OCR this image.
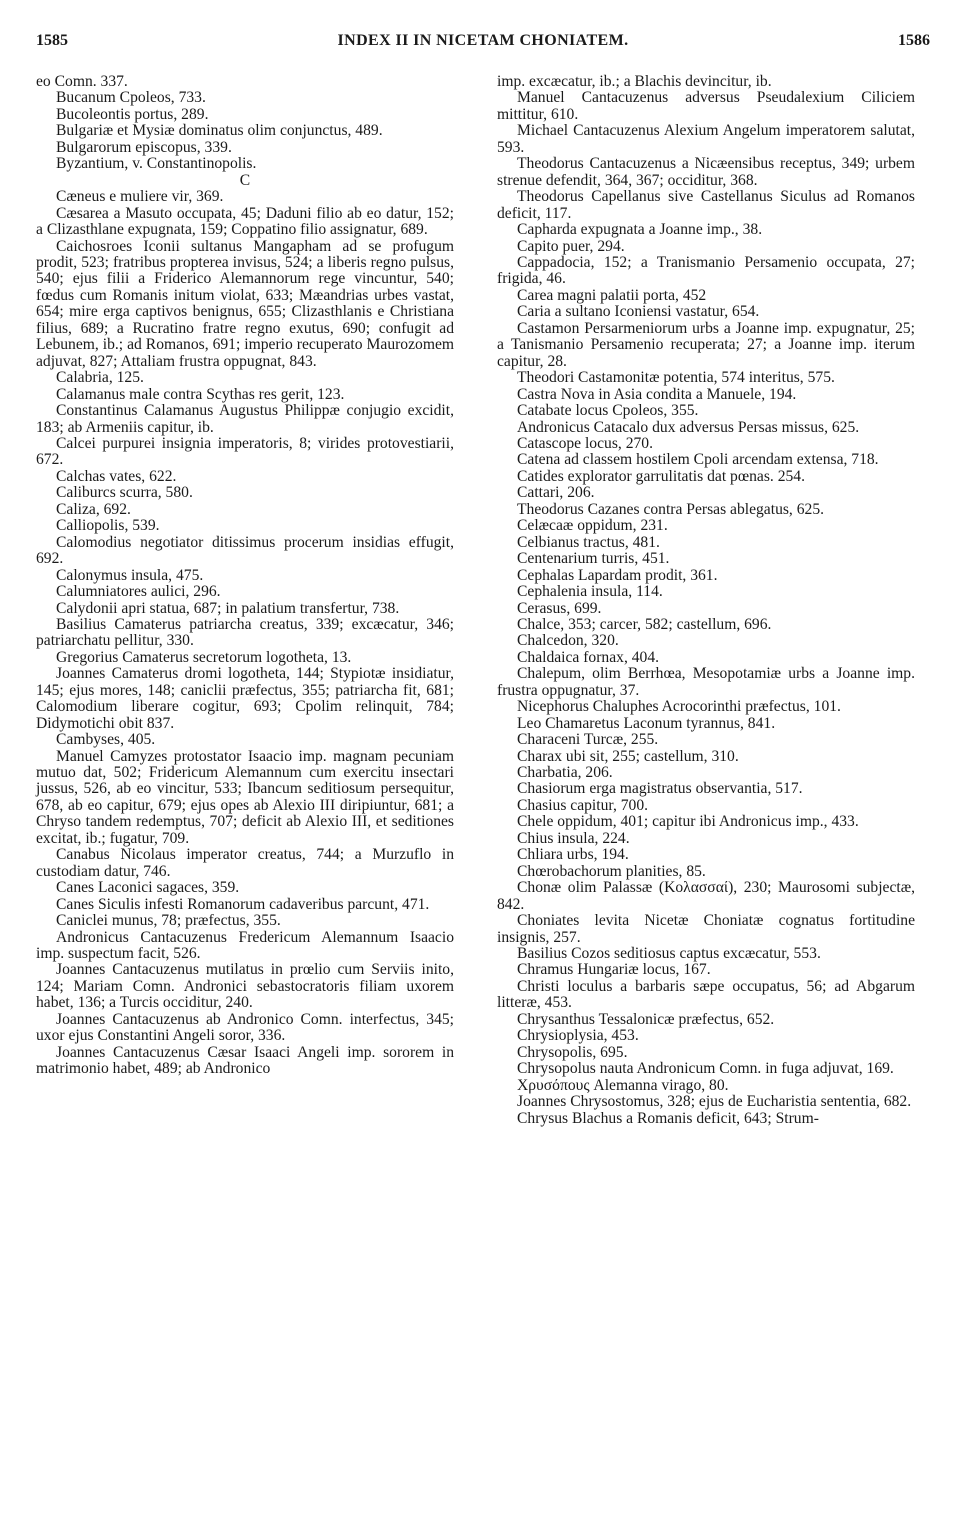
1585	INDEX II IN NICETAM CHONIATEM.	1586

eo Comn. 337.

Bucanum Cpoleos, 733.

Bucoleontis portus, 289.

Bulgariæ et Mysiæ dominatus olim conjunctus, 489.

Bulgarorum episcopus, 339.

Byzantium, v. Constantinopolis.

C

Cæneus e muliere vir, 369.

Cæsarea a Masuto occupata, 45; Daduni filio ab eo datur, 152; a Clizasthlane expugnata, 159; Coppatino filio assignatur, 689.

Caichosroes Iconii sultanus Mangapham ad se profugum prodit, 523; fratribus propterea invisus, 524; a liberis regno pulsus, 540; ejus filii a Friderico Alemannorum rege vincuntur, 540; fœdus cum Romanis initum violat, 633; Mæandrias urbes vastat, 654; mire erga captivos benignus, 655; Clizasthlanis e Christiana filius, 689; a Rucratino fratre regno exutus, 690; confugit ad Lebunem, ib.; ad Romanos, 691; imperio recuperato Maurozomem adjuvat, 827; Attaliam frustra oppugnat, 843.

Calabria, 125.

Calamanus male contra Scythas res gerit, 123.

Constantinus Calamanus Augustus Philippæ conjugio excidit, 183; ab Armeniis capitur, ib.

Calcei purpurei insignia imperatoris, 8; virides protovestiarii, 672.

Calchas vates, 622.

Caliburcs scurra, 580.

Caliza, 692.

Calliopolis, 539.

Calomodius negotiator ditissimus procerum insidias effugit, 692.

Calonymus insula, 475.

Calumniatores aulici, 296.

Calydonii apri statua, 687; in palatium transfertur, 738.

Basilius Camaterus patriarcha creatus, 339; excæcatur, 346; patriarchatu pellitur, 330.

Gregorius Camaterus secretorum logotheta, 13.

Joannes Camaterus dromi logotheta, 144; Stypiotæ insidiatur, 145; ejus mores, 148; caniclii præfectus, 355; patriarcha fit, 681; Calomodium liberare cogitur, 693; Cpolim relinquit, 784; Didymotichi obit 837.

Cambyses, 405.

Manuel Camyzes protostator Isaacio imp. magnam pecuniam mutuo dat, 502; Fridericum Alemannum cum exercitu insectari jussus, 526, ab eo vincitur, 533; Ibancum seditiosum persequitur, 678, ab eo capitur, 679; ejus opes ab Alexio III diripiuntur, 681; a Chryso tandem redemptus, 707; deficit ab Alexio III, et seditiones excitat, ib.; fugatur, 709.

Canabus Nicolaus imperator creatus, 744; a Murzuflo in custodiam datur, 746.

Canes Laconici sagaces, 359.

Canes Siculis infesti Romanorum cadaveribus parcunt, 471.

Caniclei munus, 78; præfectus, 355.

Andronicus Cantacuzenus Fredericum Alemannum Isaacio imp. suspectum facit, 526.

Joannes Cantacuzenus mutilatus in prœlio cum Serviis inito, 124; Mariam Comn. Andronici sebastocratoris filiam uxorem habet, 136; a Turcis occiditur, 240.

Joannes Cantacuzenus ab Andronico Comn. interfectus, 345; uxor ejus Constantini Angeli soror, 336.

Joannes Cantacuzenus Cæsar Isaaci Angeli imp. sororem in matrimonio habet, 489; ab Andronico

imp. excæcatur, ib.; a Blachis devincitur, ib.

Manuel Cantacuzenus adversus Pseudalexium Ciliciem mittitur, 610.

Michael Cantacuzenus Alexium Angelum imperatorem salutat, 593.

Theodorus Cantacuzenus a Nicæensibus receptus, 349; urbem strenue defendit, 364, 367; occiditur, 368.

Theodorus Capellanus sive Castellanus Siculus ad Romanos deficit, 117.

Capharda expugnata a Joanne imp., 38.

Capito puer, 294.

Cappadocia, 152; a Tranismanio Persamenio occupata, 27; frigida, 46.

Carea magni palatii porta, 452

Caria a sultano Iconiensi vastatur, 654.

Castamon Persarmeniorum urbs a Joanne imp. expugnatur, 25; a Tanismanio Persamenio recuperata; 27; a Joanne imp. iterum capitur, 28.

Theodori Castamonitæ potentia, 574 interitus, 575.

Castra Nova in Asia condita a Manuele, 194.

Catabate locus Cpoleos, 355.

Andronicus Catacalo dux adversus Persas missus, 625.

Catascope locus, 270.

Catena ad classem hostilem Cpoli arcendam extensa, 718.

Catides explorator garrulitatis dat pœnas. 254.

Cattari, 206.

Theodorus Cazanes contra Persas ablegatus, 625.

Celæcaæ oppidum, 231.

Celbianus tractus, 481.

Centenarium turris, 451.

Cephalas Lapardam prodit, 361.

Cephalenia insula, 114.

Cerasus, 699.

Chalce, 353; carcer, 582; castellum, 696.

Chalcedon, 320.

Chaldaica fornax, 404.

Chalepum, olim Berrhœa, Mesopotamiæ urbs a Joanne imp. frustra oppugnatur, 37.

Nicephorus Chaluphes Acrocorinthi præfectus, 101.

Leo Chamaretus Laconum tyrannus, 841.

Characeni Turcæ, 255.

Charax ubi sit, 255; castellum, 310.

Charbatia, 206.

Chasiorum erga magistratus observantia, 517.

Chasius capitur, 700.

Chele oppidum, 401; capitur ibi Andronicus imp., 433.

Chius insula, 224.

Chliara urbs, 194.

Chœrobachorum planities, 85.

Chonæ olim Palassæ (Κολασσαί), 230; Maurosomi subjectæ, 842.

Choniates levita Nicetæ Choniatæ cognatus fortitudine insignis, 257.

Basilius Cozos seditiosus captus excæcatur, 553.

Chramus Hungariæ locus, 167.

Christi loculus a barbaris sæpe occupatus, 56; ad Abgarum litteræ, 453.

Chrysanthus Tessalonicæ præfectus, 652.

Chrysioplysia, 453.

Chrysopolis, 695.

Chrysopolus nauta Andronicum Comn. in fuga adjuvat, 169.

Χρυσόπους Alemanna virago, 80.

Joannes Chrysostomus, 328; ejus de Eucharistia sententia, 682.

Chrysus Blachus a Romanis deficit, 643; Strum-
